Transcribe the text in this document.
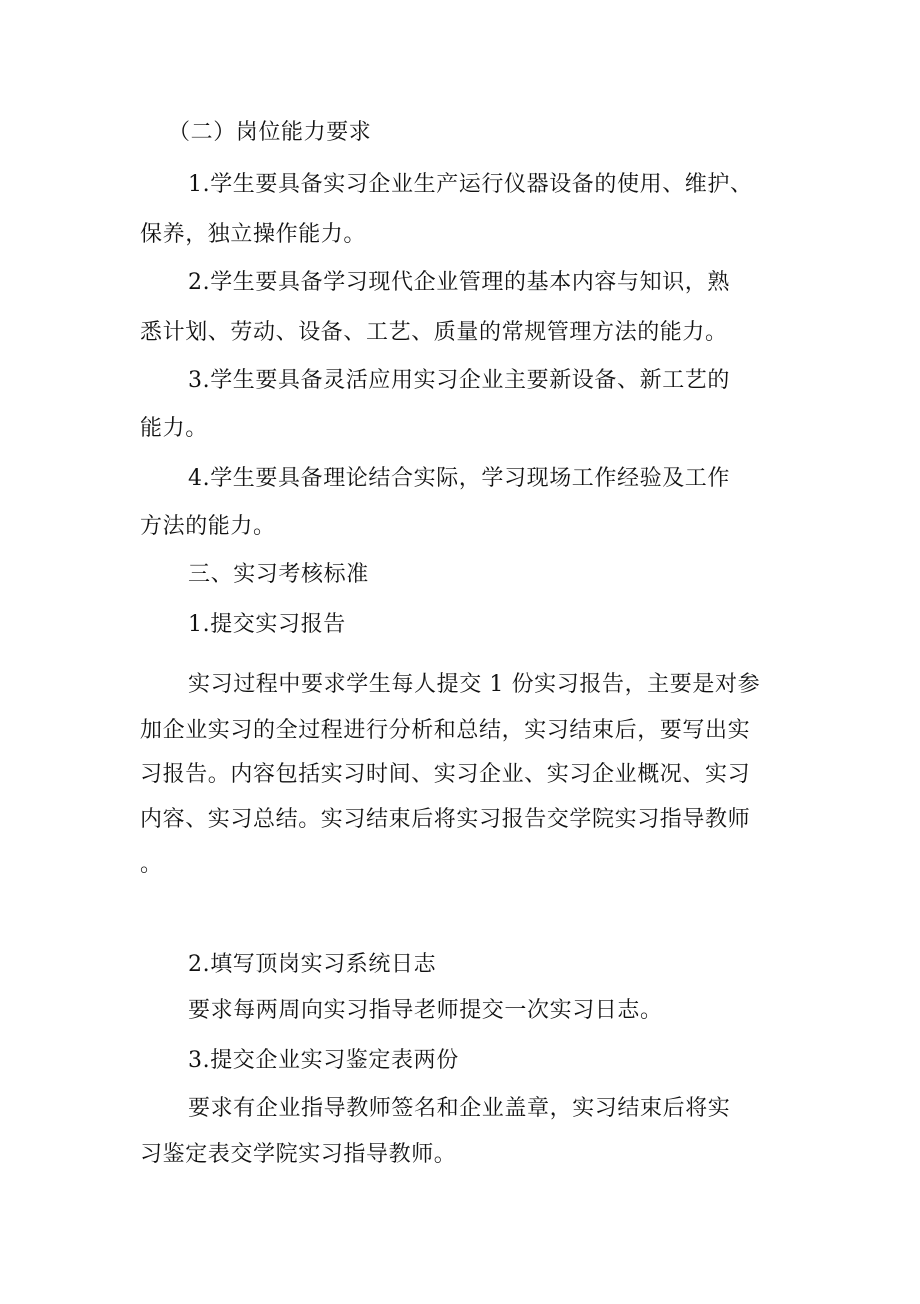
（二）岗位能力要求

1.学生要具备实习企业生产运行仪器设备的使用、维护、

保养，独立操作能力。

2.学生要具备学习现代企业管理的基本内容与知识，熟

悉计划、劳动、设备、工艺、质量的常规管理方法的能力。

3.学生要具备灵活应用实习企业主要新设备、新工艺的

能力。

4.学生要具备理论结合实际，学习现场工作经验及工作

方法的能力。

三、实习考核标准

1.提交实习报告

实习过程中要求学生每人提交 1 份实习报告，主要是对参

加企业实习的全过程进行分析和总结，实习结束后，要写出实

习报告。内容包括实习时间、实习企业、实习企业概况、实习

内容、实习总结。实习结束后将实习报告交学院实习指导教师

。

2.填写顶岗实习系统日志

要求每两周向实习指导老师提交一次实习日志。

3.提交企业实习鉴定表两份

要求有企业指导教师签名和企业盖章，实习结束后将实

习鉴定表交学院实习指导教师。
